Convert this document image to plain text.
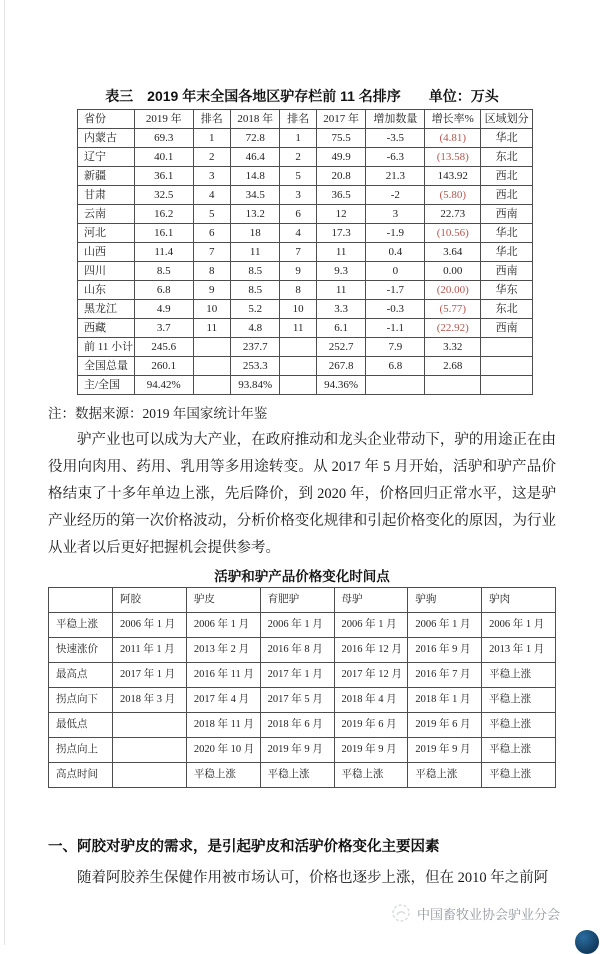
表三　2019 年末全国各地区驴存栏前 11 名排序　　单位：万头
省份	2019 年	排名	2018 年	排名	2017 年	增加数量	增长率%	区域划分
内蒙古	69.3	1	72.8	1	75.5	-3.5	(4.81)	华北
辽宁	40.1	2	46.4	2	49.9	-6.3	(13.58)	东北
新疆	36.1	3	14.8	5	20.8	21.3	143.92	西北
甘肃	32.5	4	34.5	3	36.5	-2	(5.80)	西北
云南	16.2	5	13.2	6	12	3	22.73	西南
河北	16.1	6	18	4	17.3	-1.9	(10.56)	华北
山西	11.4	7	11	7	11	0.4	3.64	华北
四川	8.5	8	8.5	9	9.3	0	0.00	西南
山东	6.8	9	8.5	8	11	-1.7	(20.00)	华东
黑龙江	4.9	10	5.2	10	3.3	-0.3	(5.77)	东北
西藏	3.7	11	4.8	11	6.1	-1.1	(22.92)	西南
前 11 小计	245.6		237.7		252.7	7.9	3.32	
全国总量	260.1		253.3		267.8	6.8	2.68	
主/全国	94.42%		93.84%		94.36%			
注：数据来源：2019 年国家统计年鉴

驴产业也可以成为大产业，在政府推动和龙头企业带动下，驴的用途正在由役用向肉用、药用、乳用等多用途转变。从 2017 年 5 月开始，活驴和驴产品价格结束了十多年单边上涨，先后降价，到 2020 年，价格回归正常水平，这是驴产业经历的第一次价格波动，分析价格变化规律和引起价格变化的原因，为行业从业者以后更好把握机会提供参考。

活驴和驴产品价格变化时间点
	阿胶	驴皮	育肥驴	母驴	驴驹	驴肉
平稳上涨	2006 年 1 月	2006 年 1 月	2006 年 1 月	2006 年 1 月	2006 年 1 月	2006 年 1 月
快速涨价	2011 年 1 月	2013 年 2 月	2016 年 8 月	2016 年 12 月	2016 年 9 月	2013 年 1 月
最高点	2017 年 1 月	2016 年 11 月	2017 年 1 月	2017 年 12 月	2016 年 7 月	平稳上涨
拐点向下	2018 年 3 月	2017 年 4 月	2017 年 5 月	2018 年 4 月	2018 年 1 月	平稳上涨
最低点		2018 年 11 月	2018 年 6 月	2019 年 6 月	2019 年 6 月	平稳上涨
拐点向上		2020 年 10 月	2019 年 9 月	2019 年 9 月	2019 年 9 月	平稳上涨
高点时间		平稳上涨	平稳上涨	平稳上涨	平稳上涨	平稳上涨
一、阿胶对驴皮的需求，是引起驴皮和活驴价格变化主要因素

随着阿胶养生保健作用被市场认可，价格也逐步上涨，但在 2010 年之前阿

中国畜牧业协会驴业分会
